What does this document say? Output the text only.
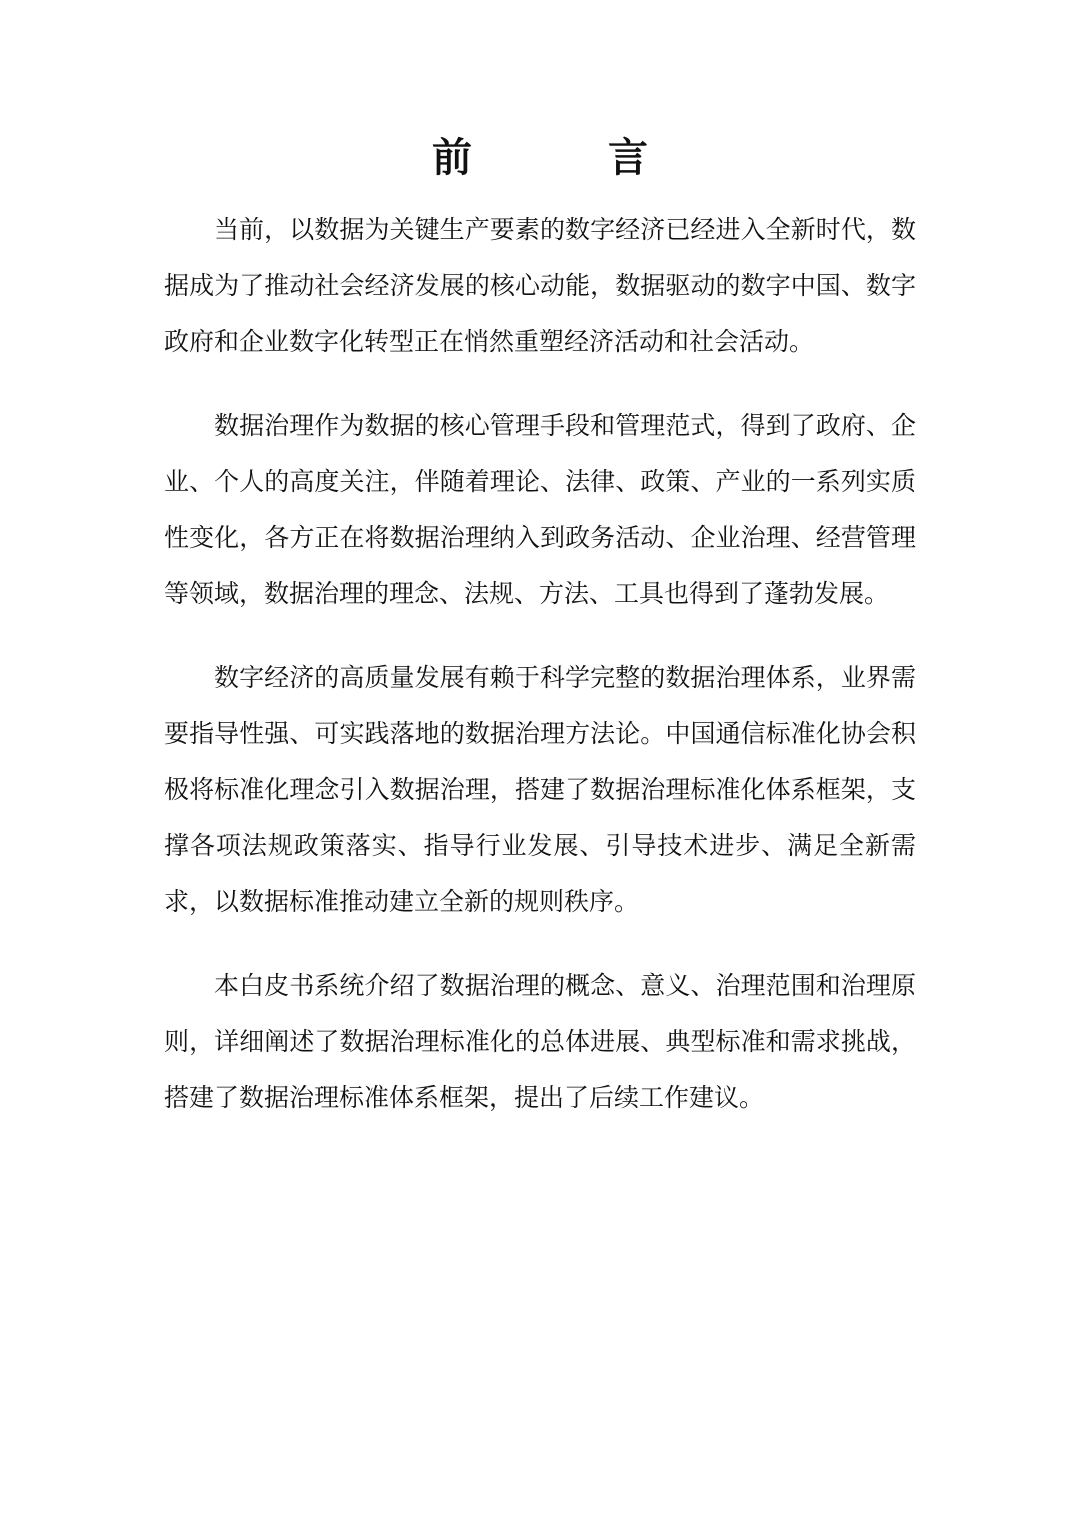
前　言

当前，以数据为关键生产要素的数字经济已经进入全新时代，数据成为了推动社会经济发展的核心动能，数据驱动的数字中国、数字政府和企业数字化转型正在悄然重塑经济活动和社会活动。

数据治理作为数据的核心管理手段和管理范式，得到了政府、企业、个人的高度关注，伴随着理论、法律、政策、产业的一系列实质性变化，各方正在将数据治理纳入到政务活动、企业治理、经营管理等领域，数据治理的理念、法规、方法、工具也得到了蓬勃发展。

数字经济的高质量发展有赖于科学完整的数据治理体系，业界需要指导性强、可实践落地的数据治理方法论。中国通信标准化协会积极将标准化理念引入数据治理，搭建了数据治理标准化体系框架，支撑各项法规政策落实、指导行业发展、引导技术进步、满足全新需求，以数据标准推动建立全新的规则秩序。

本白皮书系统介绍了数据治理的概念、意义、治理范围和治理原则，详细阐述了数据治理标准化的总体进展、典型标准和需求挑战，搭建了数据治理标准体系框架，提出了后续工作建议。
